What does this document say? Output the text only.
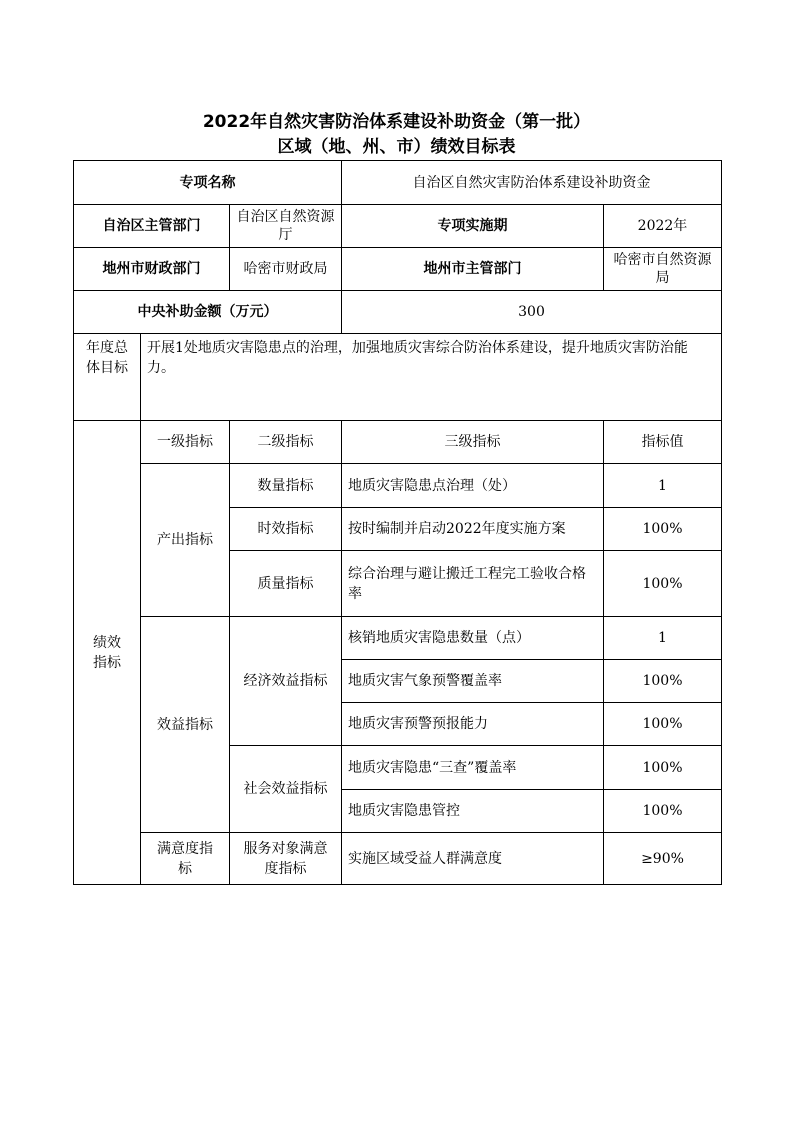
2022年自然灾害防治体系建设补助资金（第一批）
区域（地、州、市）绩效目标表
专项名称			自治区自然灾害防治体系建设补助资金	
自治区主管部门		自治区自然资源厅	专项实施期	2022年
地州市财政部门		哈密市财政局	地州市主管部门	哈密市自然资源局
中央补助金额（万元）			300	
年度总体目标	开展1处地质灾害隐患点的治理，加强地质灾害综合防治体系建设，提升地质灾害防治能力。			
绩效指标	一级指标	二级指标	三级指标	指标值
	产出指标	数量指标	地质灾害隐患点治理（处）	1
		时效指标	按时编制并启动2022年度实施方案	100%
		质量指标	综合治理与避让搬迁工程完工验收合格率	100%
	效益指标	经济效益指标	核销地质灾害隐患数量（点）	1
			地质灾害气象预警覆盖率	100%
			地质灾害预警预报能力	100%
		社会效益指标	地质灾害隐患“三查”覆盖率	100%
			地质灾害隐患管控	100%
	满意度指标	服务对象满意度指标	实施区域受益人群满意度	≥90%
